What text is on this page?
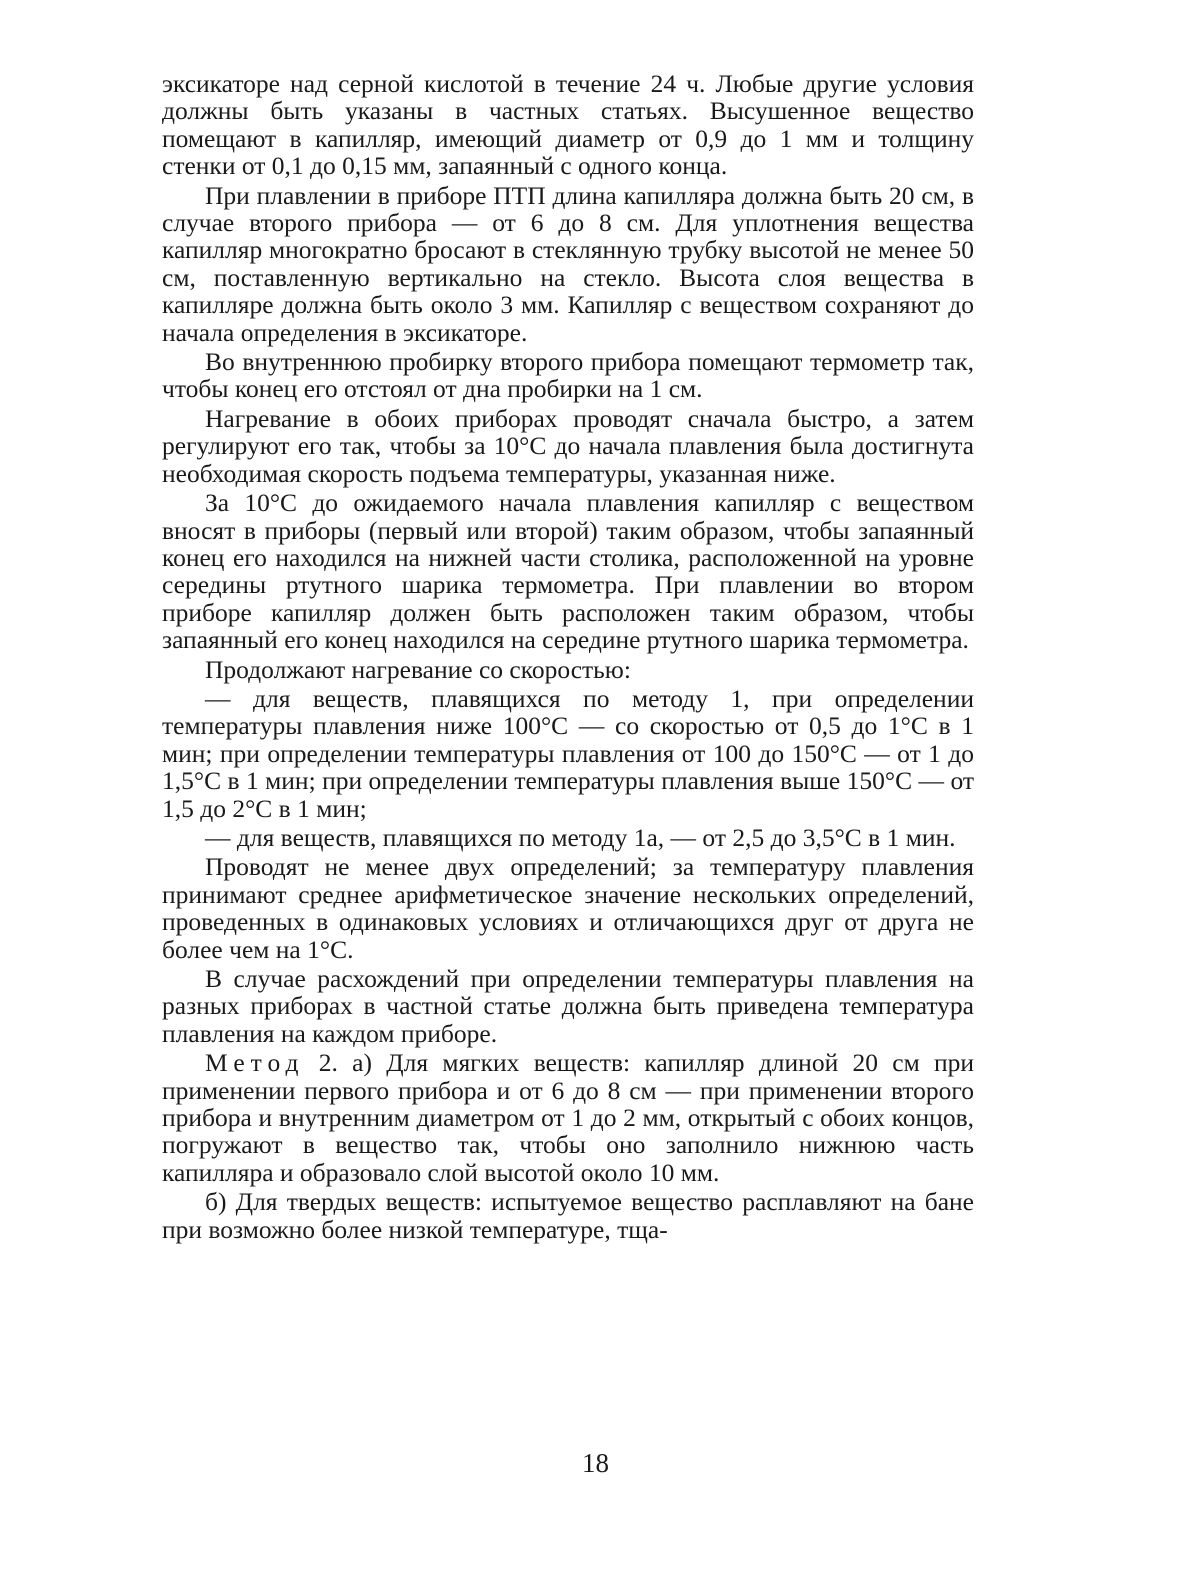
эксикаторе над серной кислотой в течение 24 ч. Любые другие условия должны быть указаны в частных статьях. Высушенное вещество помещают в капилляр, имеющий диаметр от 0,9 до 1 мм и толщину стенки от 0,1 до 0,15 мм, запаянный с одного конца.

При плавлении в приборе ПТП длина капилляра должна быть 20 см, в случае второго прибора — от 6 до 8 см. Для уплотнения вещества капилляр многократно бросают в стеклянную трубку высотой не менее 50 см, поставленную вертикально на стекло. Высота слоя вещества в капилляре должна быть около 3 мм. Капилляр с веществом сохраняют до начала определения в эксикаторе.

Во внутреннюю пробирку второго прибора помещают термометр так, чтобы конец его отстоял от дна пробирки на 1 см.

Нагревание в обоих приборах проводят сначала быстро, а затем регулируют его так, чтобы за 10°С до начала плавления была достигнута необходимая скорость подъема температуры, указанная ниже.

За 10°С до ожидаемого начала плавления капилляр с веществом вносят в приборы (первый или второй) таким образом, чтобы запаянный конец его находился на нижней части столика, расположенной на уровне середины ртутного шарика термометра. При плавлении во втором приборе капилляр должен быть расположен таким образом, чтобы запаянный его конец находился на середине ртутного шарика термометра.

Продолжают нагревание со скоростью:

— для веществ, плавящихся по методу 1, при определении температуры плавления ниже 100°С — со скоростью от 0,5 до 1°С в 1 мин; при определении температуры плавления от 100 до 150°С — от 1 до 1,5°С в 1 мин; при определении температуры плавления выше 150°С — от 1,5 до 2°С в 1 мин;

— для веществ, плавящихся по методу 1а, — от 2,5 до 3,5°С в 1 мин.

Проводят не менее двух определений; за температуру плавления принимают среднее арифметическое значение нескольких определений, проведенных в одинаковых условиях и отличающихся друг от друга не более чем на 1°С.

В случае расхождений при определении температуры плавления на разных приборах в частной статье должна быть приведена температура плавления на каждом приборе.

Метод 2. а) Для мягких веществ: капилляр длиной 20 см при применении первого прибора и от 6 до 8 см — при применении второго прибора и внутренним диаметром от 1 до 2 мм, открытый с обоих концов, погружают в вещество так, чтобы оно заполнило нижнюю часть капилляра и образовало слой высотой около 10 мм.

б) Для твердых веществ: испытуемое вещество расплавляют на бане при возможно более низкой температуре, тща-

18
